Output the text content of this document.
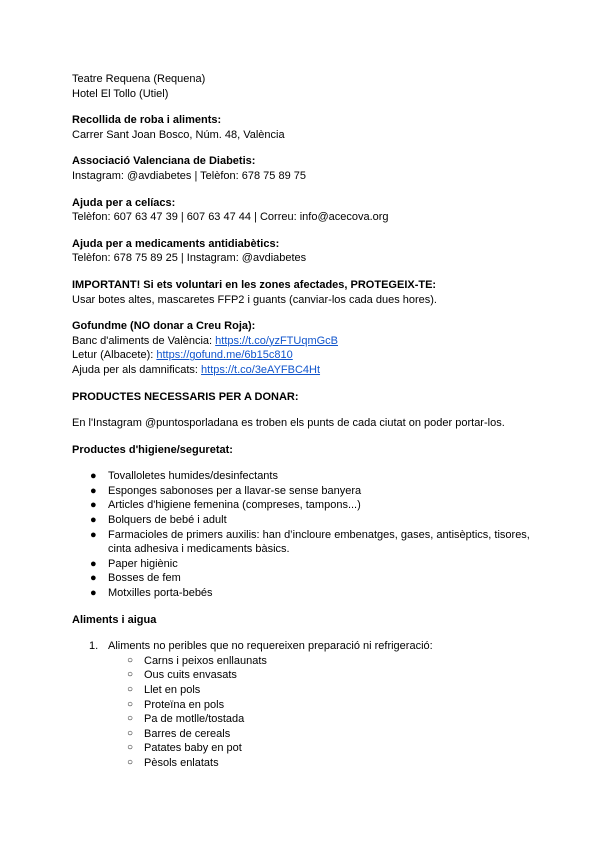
Teatre Requena (Requena)

Hotel El Tollo (Utiel)

Recollida de roba i aliments:

Carrer Sant Joan Bosco, Núm. 48, València

Associació Valenciana de Diabetis:

Instagram: @avdiabetes | Telèfon: 678 75 89 75

Ajuda per a celíacs:

Telèfon: 607 63 47 39 | 607 63 47 44 | Correu: info@acecova.org

Ajuda per a medicaments antidiabètics:

Telèfon: 678 75 89 25 | Instagram: @avdiabetes

IMPORTANT! Si ets voluntari en les zones afectades, PROTEGEIX-TE:

Usar botes altes, mascaretes FFP2 i guants (canviar-los cada dues hores).

Gofundme (NO donar a Creu Roja):

Banc d'aliments de València: https://t.co/yzFTUqmGcB

Letur (Albacete): https://gofund.me/6b15c810

Ajuda per als damnificats: https://t.co/3eAYFBC4Ht

PRODUCTES NECESSARIS PER A DONAR:

En l'Instagram @puntosporladana es troben els punts de cada ciutat on poder portar-los.

Productes d'higiene/seguretat:

● Tovalloletes humides/desinfectants
● Esponges sabonoses per a llavar-se sense banyera
● Articles d'higiene femenina (compreses, tampons...)
● Bolquers de bebé i adult
● Farmacioles de primers auxilis: han d’incloure embenatges, gases, antisèptics, tisores, cinta adhesiva i medicaments bàsics.
● Paper higiènic
● Bosses de fem
● Motxilles porta-bebés

Aliments i aigua

1. Aliments no peribles que no requereixen preparació ni refrigeració:
○ Carns i peixos enllaunats
○ Ous cuits envasats
○ Llet en pols
○ Proteïna en pols
○ Pa de motlle/tostada
○ Barres de cereals
○ Patates baby en pot
○ Pèsols enlatats
